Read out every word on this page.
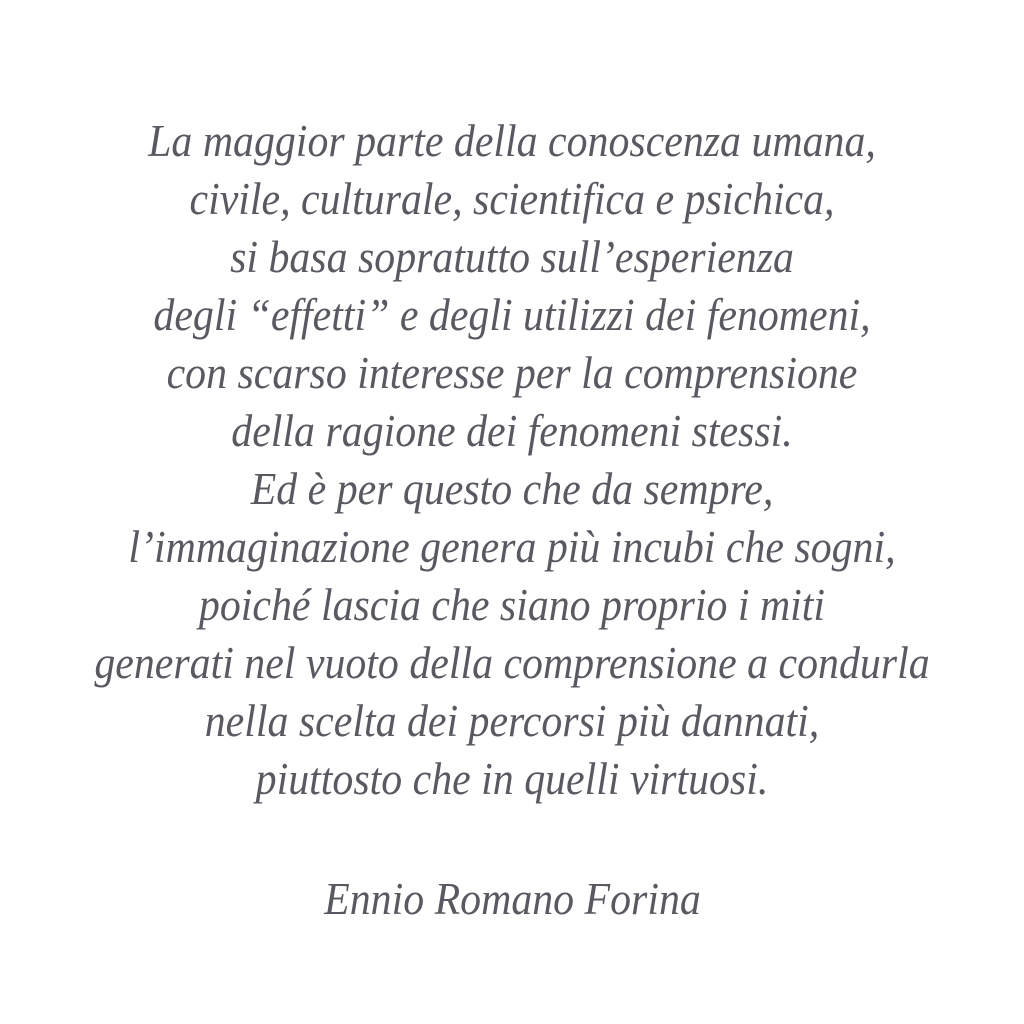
La maggior parte della conoscenza umana,
civile, culturale, scientifica e psichica,
si basa sopratutto sull’esperienza
degli “effetti” e degli utilizzi dei fenomeni,
con scarso interesse per la comprensione
della ragione dei fenomeni stessi.
Ed è per questo che da sempre,
l’immaginazione genera più incubi che sogni,
poiché lascia che siano proprio i miti
generati nel vuoto della comprensione a condurla
nella scelta dei percorsi più dannati,
piuttosto che in quelli virtuosi.
Ennio Romano Forina
